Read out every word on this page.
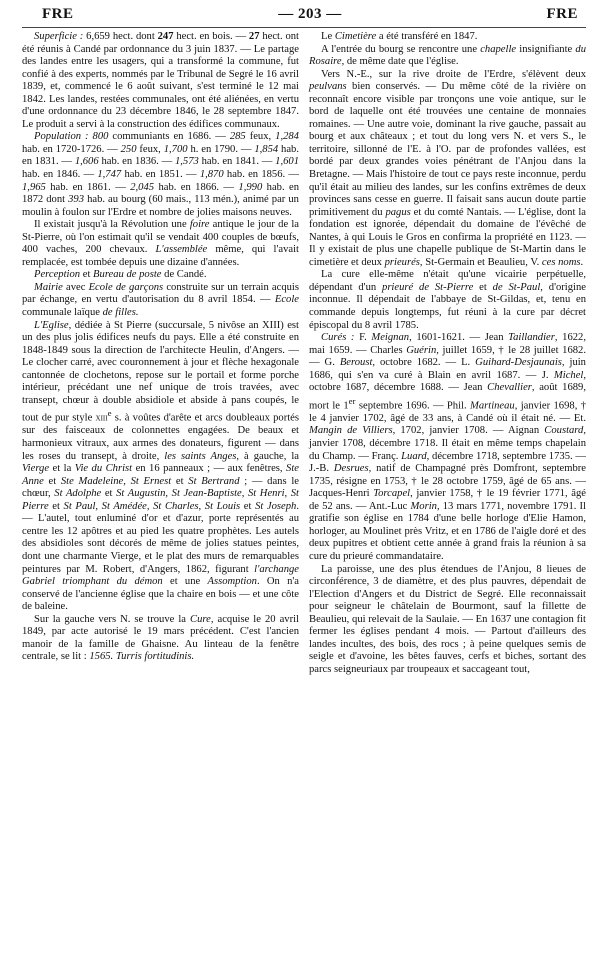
FRE	— 203 —	FRE

Superficie : 6,659 hect. dont 247 hect. en bois. — 27 hect. ont été réunis à Candé par ordonnance du 3 juin 1837. — Le partage des landes entre les usagers, qui a transformé la commune, fut confié à des experts, nommés par le Tribunal de Segré le 16 avril 1839, et, commencé le 6 août suivant, s'est terminé le 12 mai 1842. Les landes, restées communales, ont été aliénées, en vertu d'une ordonnance du 23 décembre 1846, le 28 septembre 1847. Le produit a servi à la construction des édifices communaux.

Population : 800 communiants en 1686. — 285 feux, 1,284 hab. en 1720-1726. — 250 feux, 1,700 h. en 1790. — 1,854 hab. en 1831. — 1,606 hab. en 1836. — 1,573 hab. en 1841. — 1,601 hab. en 1846. — 1,747 hab. en 1851. — 1,870 hab. en 1856. — 1,965 hab. en 1861. — 2,045 hab. en 1866. — 1,990 hab. en 1872 dont 393 hab. au bourg (60 mais., 113 mén.), animé par un moulin à foulon sur l'Erdre et nombre de jolies maisons neuves.

Il existait jusqu'à la Révolution une foire antique le jour de la St-Pierre, où l'on estimait qu'il se vendait 400 couples de bœufs, 400 vaches, 200 chevaux. L'assemblée même, qui l'avait remplacée, est tombée depuis une dizaine d'années.

Perception et Bureau de poste de Candé.

Mairie avec Ecole de garçons construite sur un terrain acquis par échange, en vertu d'autorisation du 8 avril 1854. — Ecole communale laïque de filles.

L'Eglise, dédiée à St Pierre (succursale, 5 nivôse an XIII) est un des plus jolis édifices neufs du pays. Elle a été construite en 1848-1849 sous la direction de l'architecte Heulin, d'Angers. — Le clocher carré, avec couronnement à jour et flèche hexagonale cantonnée de clochetons, repose sur le portail et forme porche intérieur, précédant une nef unique de trois travées, avec transept, chœur à double absidiole et abside à pans coupés, le tout de pur style xiii$^e$ s. à voûtes d'arête et arcs doubleaux portés sur des faisceaux de colonnettes engagées. De beaux et harmonieux vitraux, aux armes des donateurs, figurent — dans les roses du transept, à droite, les saints Anges, à gauche, la Vierge et la Vie du Christ en 16 panneaux ; — aux fenêtres, Ste Anne et Ste Madeleine, St Ernest et St Bertrand ; — dans le chœur, St Adolphe et St Augustin, St Jean-Baptiste, St Henri, St Pierre et St Paul, St Amédée, St Charles, St Louis et St Joseph. — L'autel, tout enluminé d'or et d'azur, porte représentés au centre les 12 apôtres et au pied les quatre prophètes. Les autels des absidioles sont décorés de même de jolies statues peintes, dont une charmante Vierge, et le plat des murs de remarquables peintures par M. Robert, d'Angers, 1862, figurant l'archange Gabriel triomphant du démon et une Assomption. On n'a conservé de l'ancienne église que la chaire en bois — et une côte de baleine.

Sur la gauche vers N. se trouve la Cure, acquise le 20 avril 1849, par acte autorisé le 19 mars précédent. C'est l'ancien manoir de la famille de Ghaisne. Au linteau de la fenêtre centrale, se lit : 1565. Turris fortitudinis.

Le Cimetière a été transféré en 1847.

A l'entrée du bourg se rencontre une chapelle insignifiante du Rosaire, de même date que l'église.

Vers N.-E., sur la rive droite de l'Erdre, s'élèvent deux peulvans bien conservés. — Du même côté de la rivière on reconnaît encore visible par tronçons une voie antique, sur le bord de laquelle ont été trouvées une centaine de monnaies romaines. — Une autre voie, dominant la rive gauche, passait au bourg et aux châteaux ; et tout du long vers N. et vers S., le territoire, sillonné de l'E. à l'O. par de profondes vallées, est bordé par deux grandes voies pénétrant de l'Anjou dans la Bretagne. — Mais l'histoire de tout ce pays reste inconnue, perdu qu'il était au milieu des landes, sur les confins extrêmes de deux provinces sans cesse en guerre. Il faisait sans aucun doute partie primitivement du pagus et du comté Nantais. — L'église, dont la fondation est ignorée, dépendait du domaine de l'évêché de Nantes, à qui Louis le Gros en confirma la propriété en 1123. — Il y existait de plus une chapelle publique de St-Martin dans le cimetière et deux prieurés, St-Germain et Beaulieu, V. ces noms.

La cure elle-même n'était qu'une vicairie perpétuelle, dépendant d'un prieuré de St-Pierre et de St-Paul, d'origine inconnue. Il dépendait de l'abbaye de St-Gildas, et, tenu en commande depuis longtemps, fut réuni à la cure par décret épiscopal du 8 avril 1785.

Curés : F. Meignan, 1601-1621. — Jean Taillandier, 1622, mai 1659. — Charles Guérin, juillet 1659, † le 28 juillet 1682. — G. Beroust, octobre 1682. — L. Guihard-Desjaunais, juin 1686, qui s'en va curé à Blain en avril 1687. — J. Michel, octobre 1687, décembre 1688. — Jean Chevallier, août 1689, mort le 1er septembre 1696. — Phil. Martineau, janvier 1698, † le 4 janvier 1702, âgé de 33 ans, à Candé où il était né. — Et. Mangin de Villiers, 1702, janvier 1708. — Aignan Coustard, janvier 1708, décembre 1718. Il était en même temps chapelain du Champ. — Franç. Luard, décembre 1718, septembre 1735. — J.-B. Desrues, natif de Champagné près Domfront, septembre 1735, résigne en 1753, † le 28 octobre 1759, âgé de 65 ans. — Jacques-Henri Torcapel, janvier 1758, † le 19 février 1771, âgé de 52 ans. — Ant.-Luc Morin, 13 mars 1771, novembre 1791. Il gratifie son église en 1784 d'une belle horloge d'Elie Hamon, horloger, au Moulinet près Vritz, et en 1786 de l'aigle doré et des deux pupitres et obtient cette année à grand frais la réunion à sa cure du prieuré commandataire.

La paroisse, une des plus étendues de l'Anjou, 8 lieues de circonférence, 3 de diamètre, et des plus pauvres, dépendait de l'Election d'Angers et du District de Segré. Elle reconnaissait pour seigneur le châtelain de Bourmont, sauf la fillette de Beaulieu, qui relevait de la Saulaie. — En 1637 une contagion fit fermer les églises pendant 4 mois. — Partout d'ailleurs des landes incultes, des bois, des rocs ; à peine quelques semis de seigle et d'avoine, les bêtes fauves, cerfs et biches, sortant des parcs seigneuriaux par troupeaux et saccageant tout,
